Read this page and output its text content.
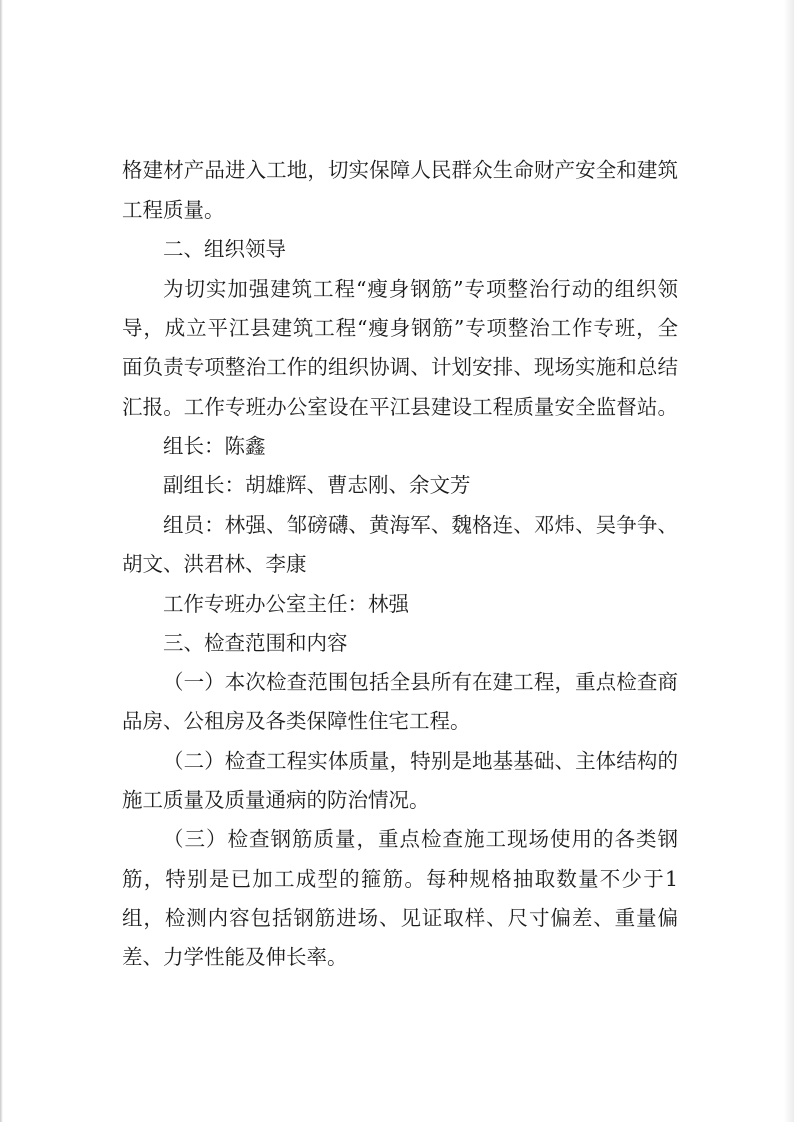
格建材产品进入工地，切实保障人民群众生命财产安全和建筑
工程质量。
二、组织领导
为切实加强建筑工程“瘦身钢筋”专项整治行动的组织领
导，成立平江县建筑工程“瘦身钢筋”专项整治工作专班，全
面负责专项整治工作的组织协调、计划安排、现场实施和总结
汇报。工作专班办公室设在平江县建设工程质量安全监督站。
组长：陈鑫
副组长：胡雄辉、曹志刚、余文芳
组员：林强、邹磅礴、黄海军、魏格连、邓炜、吴争争、
胡文、洪君林、李康
工作专班办公室主任：林强
三、检查范围和内容
（一）本次检查范围包括全县所有在建工程，重点检查商
品房、公租房及各类保障性住宅工程。
（二）检查工程实体质量，特别是地基基础、主体结构的
施工质量及质量通病的防治情况。
（三）检查钢筋质量，重点检查施工现场使用的各类钢
筋，特别是已加工成型的箍筋。每种规格抽取数量不少于1
组，检测内容包括钢筋进场、见证取样、尺寸偏差、重量偏
差、力学性能及伸长率。
